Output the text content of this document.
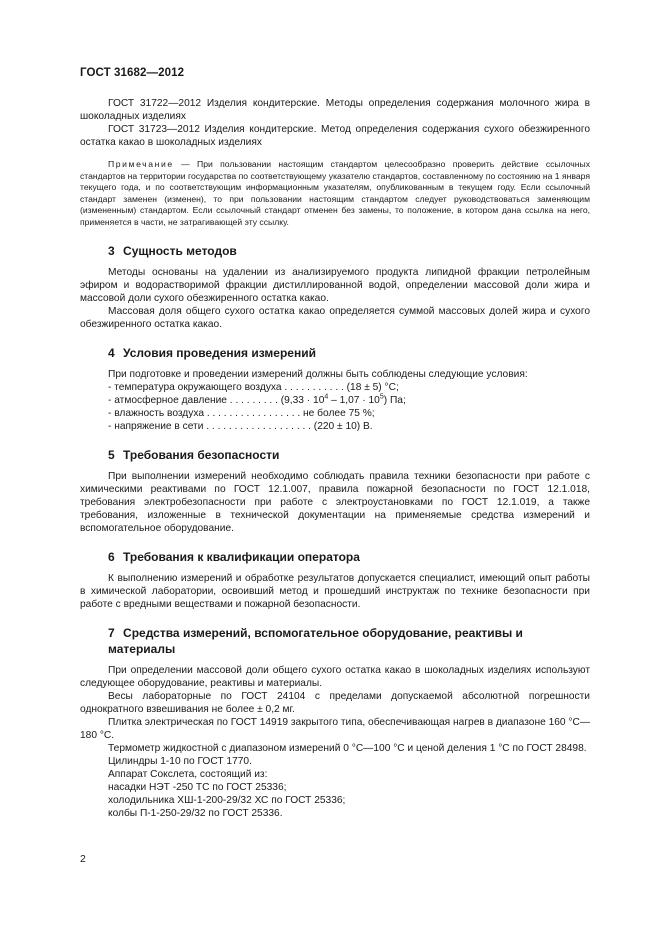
ГОСТ 31682—2012

ГОСТ 31722—2012 Изделия кондитерские. Методы определения содержания молочного жира в шоколадных изделиях

ГОСТ 31723—2012 Изделия кондитерские. Метод определения содержания сухого обезжиренного остатка какао в шоколадных изделиях

Примечание — При пользовании настоящим стандартом целесообразно проверить действие ссылочных стандартов на территории государства по соответствующему указателю стандартов, составленному по состоянию на 1 января текущего года, и по соответствующим информационным указателям, опубликованным в текущем году. Если ссылочный стандарт заменен (изменен), то при пользовании настоящим стандартом следует руководствоваться заменяющим (измененным) стандартом. Если ссылочный стандарт отменен без замены, то положение, в котором дана ссылка на него, применяется в части, не затрагивающей эту ссылку.

3 Сущность методов

Методы основаны на удалении из анализируемого продукта липидной фракции петролейным эфиром и водорастворимой фракции дистиллированной водой, определении массовой доли жира и массовой доли сухого обезжиренного остатка какао.

Массовая доля общего сухого остатка какао определяется суммой массовых долей жира и сухого обезжиренного остатка какао.

4 Условия проведения измерений

При подготовке и проведении измерений должны быть соблюдены следующие условия:

- температура окружающего воздуха . . . . . . . . . . . (18 ± 5) °С;
- атмосферное давление . . . . . . . . . $(9,33 \cdot 10^4 - 1,07 \cdot 10^5)$ Па;
- влажность воздуха . . . . . . . . . . . . . . . . . не более 75 %;
- напряжение в сети . . . . . . . . . . . . . . . . . . . (220 ± 10) В.
5 Требования безопасности

При выполнении измерений необходимо соблюдать правила техники безопасности при работе с химическими реактивами по ГОСТ 12.1.007, правила пожарной безопасности по ГОСТ 12.1.018, требования электробезопасности при работе с электроустановками по ГОСТ 12.1.019, а также требования, изложенные в технической документации на применяемые средства измерений и вспомогательное оборудование.

6 Требования к квалификации оператора

К выполнению измерений и обработке результатов допускается специалист, имеющий опыт работы в химической лаборатории, освоивший метод и прошедший инструктаж по технике безопасности при работе с вредными веществами и пожарной безопасности.

7 Средства измерений, вспомогательное оборудование, реактивы и материалы

При определении массовой доли общего сухого остатка какао в шоколадных изделиях используют следующее оборудование, реактивы и материалы.

Весы лабораторные по ГОСТ 24104 с пределами допускаемой абсолютной погрешности однократного взвешивания не более ± 0,2 мг.

Плитка электрическая по ГОСТ 14919 закрытого типа, обеспечивающая нагрев в диапазоне 160 °С—180 °С.

Термометр жидкостной с диапазоном измерений 0 °С—100 °С и ценой деления 1 °С по ГОСТ 28498.

Цилиндры 1-10 по ГОСТ 1770.

Аппарат Сокслета, состоящий из:

насадки НЭТ -250 ТС по ГОСТ 25336;

холодильника ХШ-1-200-29/32 ХС по ГОСТ 25336;

колбы П-1-250-29/32 по ГОСТ 25336.

2
